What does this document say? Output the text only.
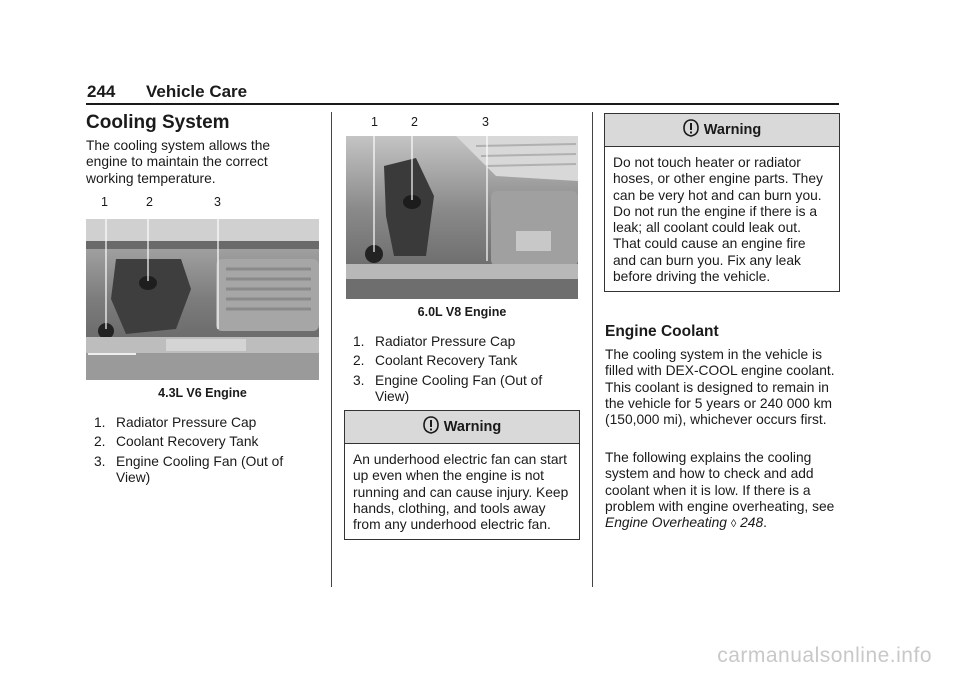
244 Vehicle Care
Cooling System
The cooling system allows the engine to maintain the correct working temperature.
1	2	3
4.3L V6 Engine
1. Radiator Pressure Cap
2. Coolant Recovery Tank
3. Engine Cooling Fan (Out of View)
1	2	3
6.0L V8 Engine
1. Radiator Pressure Cap
2. Coolant Recovery Tank
3. Engine Cooling Fan (Out of View)
Warning
An underhood electric fan can start up even when the engine is not running and can cause injury. Keep hands, clothing, and tools away from any underhood electric fan.
Warning
Do not touch heater or radiator hoses, or other engine parts. They can be very hot and can burn you. Do not run the engine if there is a leak; all coolant could leak out. That could cause an engine fire and can burn you. Fix any leak before driving the vehicle.
Engine Coolant
The cooling system in the vehicle is filled with DEX-COOL engine coolant. This coolant is designed to remain in the vehicle for 5 years or 240 000 km (150,000 mi), whichever occurs first.
The following explains the cooling system and how to check and add coolant when it is low. If there is a problem with engine overheating, see Engine Overheating ◊ 248.
carmanualsonline.info
